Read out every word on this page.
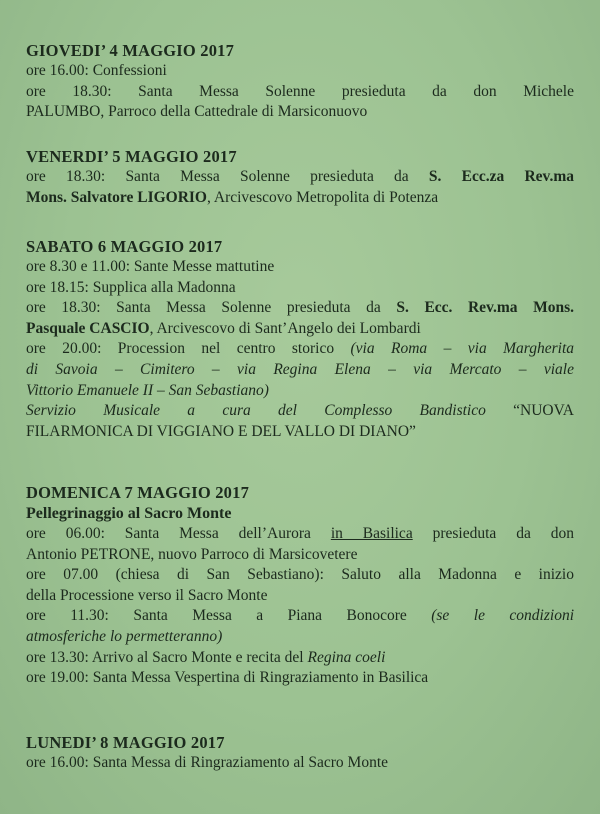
GIOVEDI’ 4 MAGGIO 2017
ore 16.00: Confessioni
ore 18.30: Santa Messa Solenne presieduta da don Michele
PALUMBO, Parroco della Cattedrale di Marsiconuovo
VENERDI’ 5 MAGGIO 2017
ore 18.30: Santa Messa Solenne presieduta da S. Ecc.za Rev.ma
Mons. Salvatore LIGORIO, Arcivescovo Metropolita di Potenza
SABATO 6 MAGGIO 2017
ore 8.30 e 11.00: Sante Messe mattutine
ore 18.15: Supplica alla Madonna
ore 18.30: Santa Messa Solenne presieduta da S. Ecc. Rev.ma Mons.
Pasquale CASCIO, Arcivescovo di Sant’Angelo dei Lombardi
ore 20.00: Procession nel centro storico (via Roma – via Margherita
di Savoia – Cimitero – via Regina Elena – via Mercato – viale
Vittorio Emanuele II – San Sebastiano)
Servizio Musicale a cura del Complesso Bandistico “NUOVA
FILARMONICA DI VIGGIANO E DEL VALLO DI DIANO”
DOMENICA 7 MAGGIO 2017
Pellegrinaggio al Sacro Monte
ore 06.00: Santa Messa dell’Aurora in Basilica presieduta da don
Antonio PETRONE, nuovo Parroco di Marsicovetere
ore 07.00 (chiesa di San Sebastiano): Saluto alla Madonna e inizio
della Processione verso il Sacro Monte
ore 11.30: Santa Messa a Piana Bonocore (se le condizioni
atmosferiche lo permetteranno)
ore 13.30: Arrivo al Sacro Monte e recita del Regina coeli
ore 19.00: Santa Messa Vespertina di Ringraziamento in Basilica
LUNEDI’ 8 MAGGIO 2017
ore 16.00: Santa Messa di Ringraziamento al Sacro Monte
